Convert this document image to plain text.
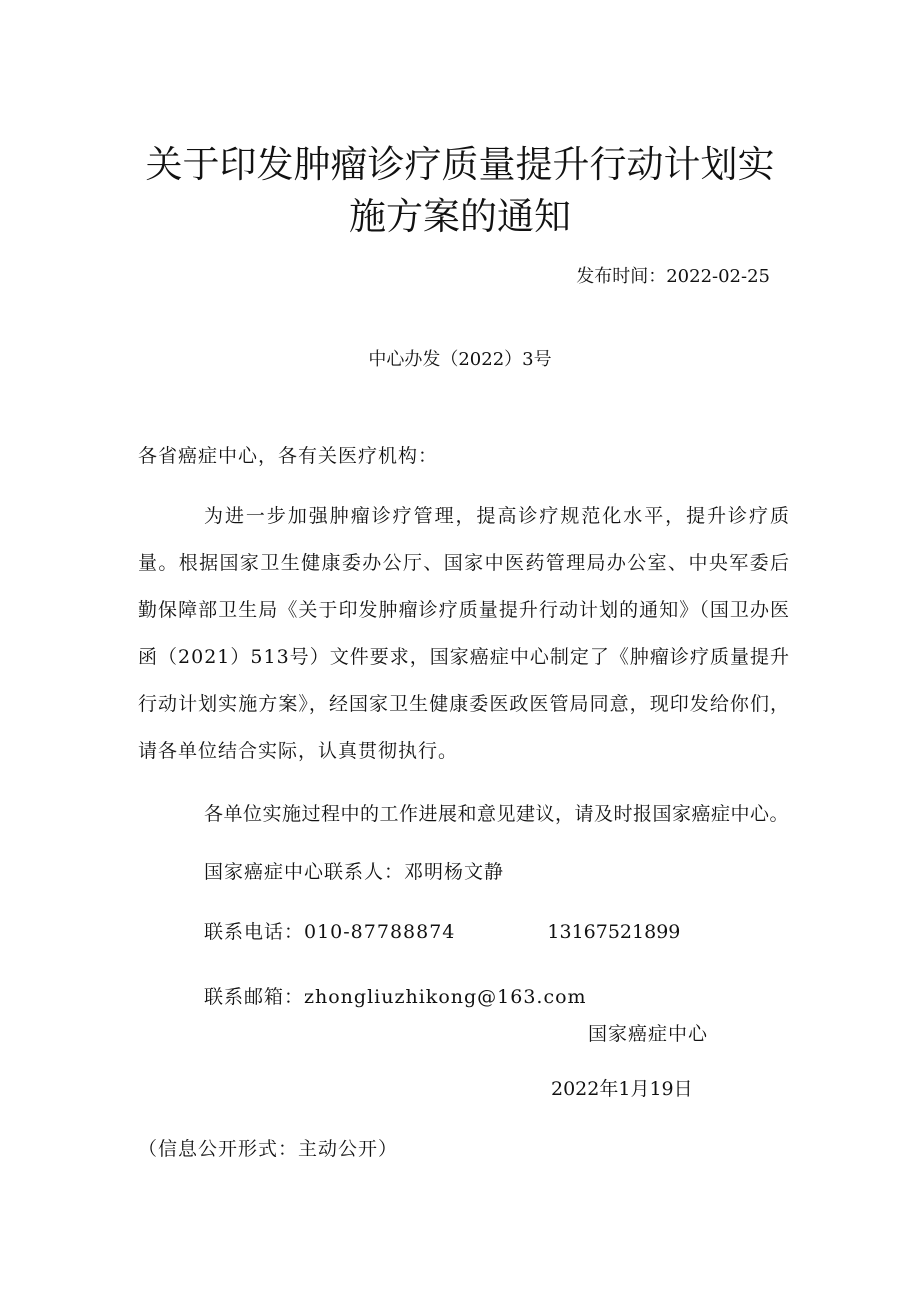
关于印发肿瘤诊疗质量提升行动计划实
施方案的通知

发布时间：2022-02-25

中心办发（2022）3号

各省癌症中心，各有关医疗机构：

为进一步加强肿瘤诊疗管理，提高诊疗规范化水平，提升诊疗质量。根据国家卫生健康委办公厅、国家中医药管理局办公室、中央军委后勤保障部卫生局《关于印发肿瘤诊疗质量提升行动计划的通知》（国卫办医函（2021）513号）文件要求，国家癌症中心制定了《肿瘤诊疗质量提升行动计划实施方案》，经国家卫生健康委医政医管局同意，现印发给你们，请各单位结合实际，认真贯彻执行。

各单位实施过程中的工作进展和意见建议，请及时报国家癌症中心。

国家癌症中心联系人：邓明杨文静

联系电话：010-87788874	13167521899

联系邮箱：zhongliuzhikong@163.com

国家癌症中心

2022年1月19日

（信息公开形式：主动公开）
